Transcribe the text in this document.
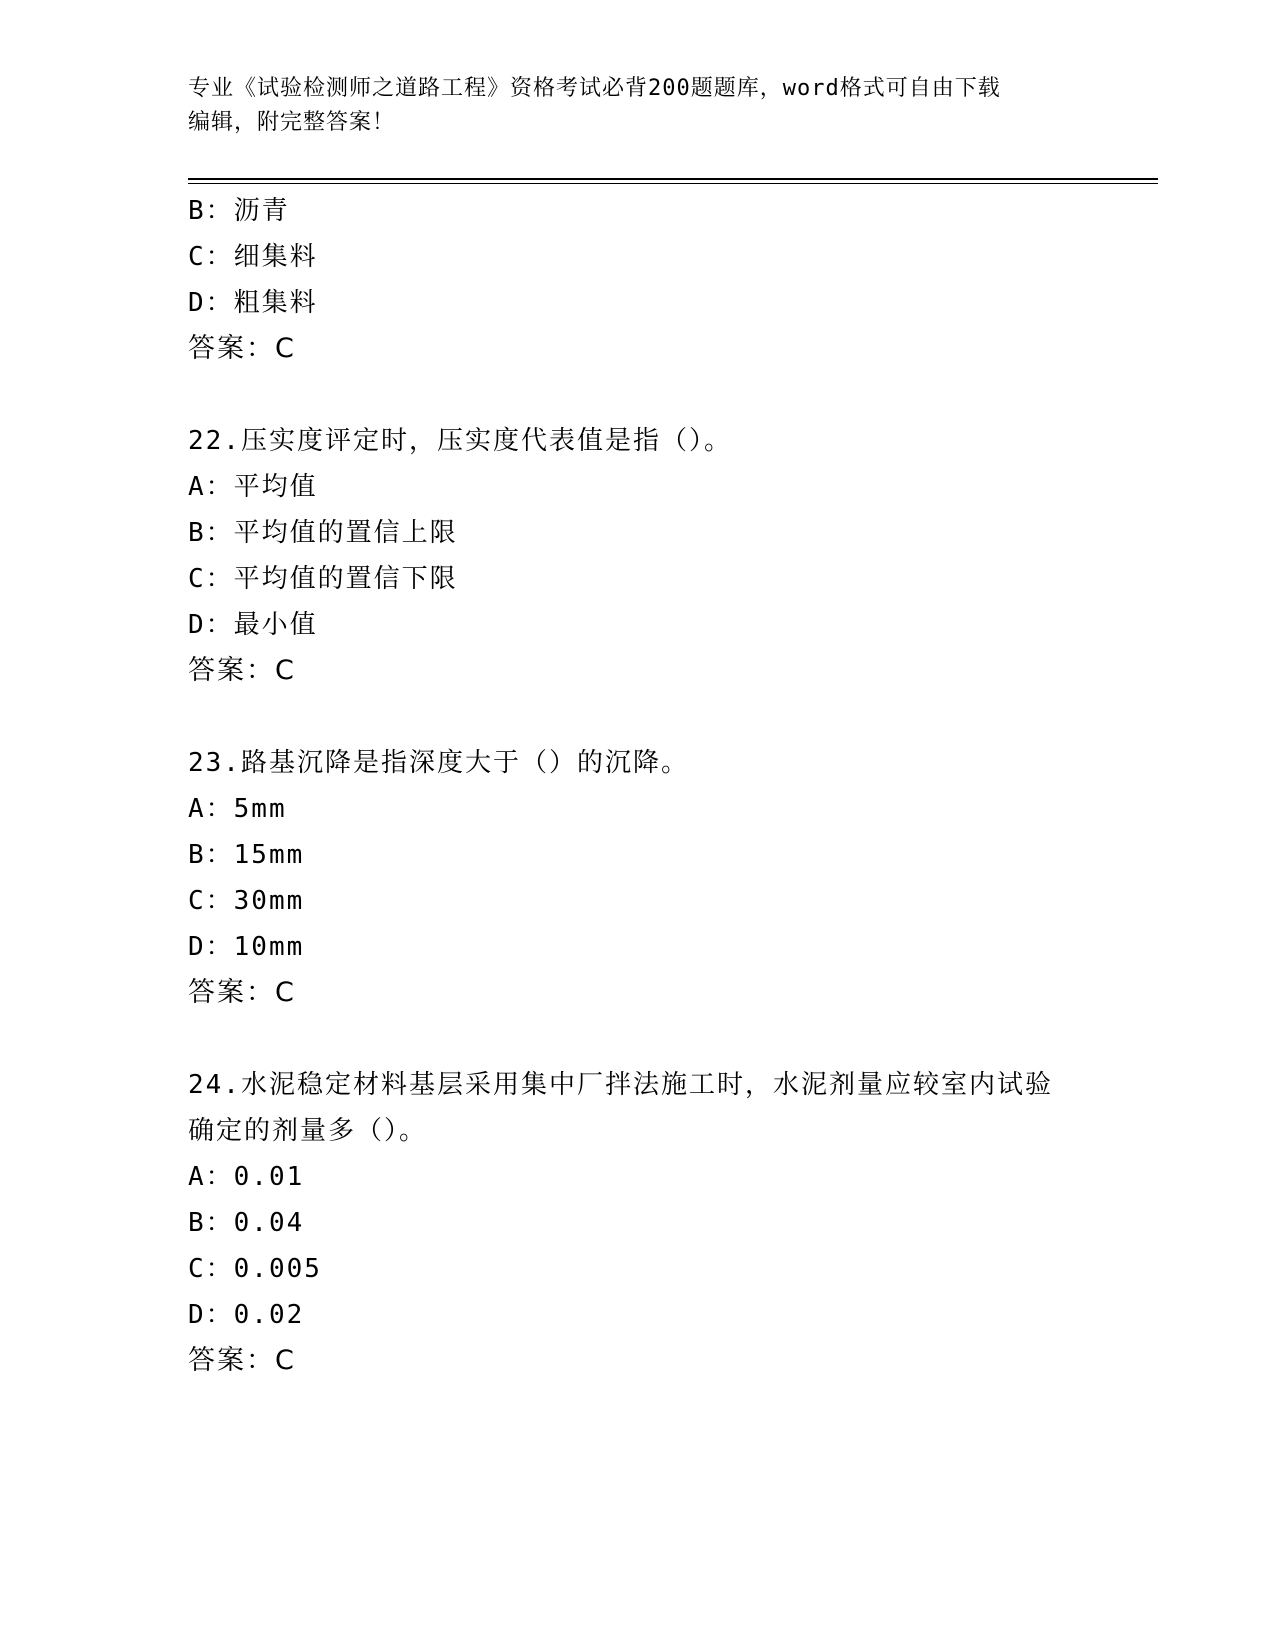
专业《试验检测师之道路工程》资格考试必背200题题库，word格式可自由下载
编辑，附完整答案！
B：沥青
C：细集料
D：粗集料
答案：C
22.压实度评定时，压实度代表值是指（）。
A：平均值
B：平均值的置信上限
C：平均值的置信下限
D：最小值
答案：C
23.路基沉降是指深度大于（）的沉降。
A：5mm
B：15mm
C：30mm
D：10mm
答案：C
24.水泥稳定材料基层采用集中厂拌法施工时，水泥剂量应较室内试验
确定的剂量多（）。
A：0.01
B：0.04
C：0.005
D：0.02
答案：C
